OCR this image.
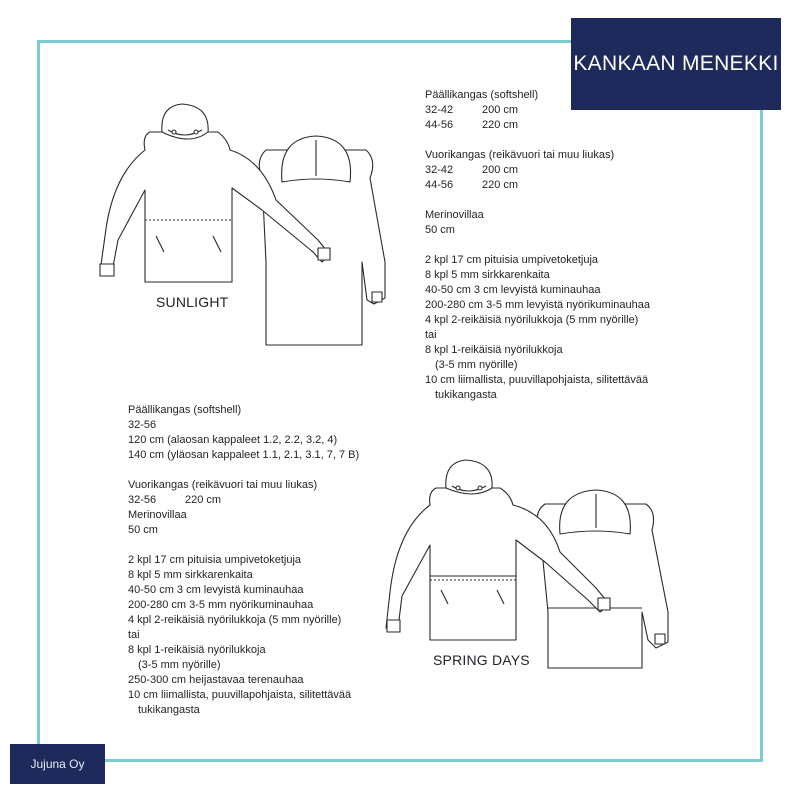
KANKAAN MENEKKI
SUNLIGHT
SPRING DAYS
Päällikangas (softshell)
32-42	200 cm
44-56	220 cm
Vuorikangas (reikävuori tai muu liukas)
32-42	200 cm
44-56	220 cm
Merinovillaa
50 cm
2 kpl 17 cm pituisia umpivetoketjuja
8 kpl 5 mm sirkkarenkaita
40-50 cm 3 cm levyistä kuminauhaa
200-280 cm 3-5 mm levyistä nyörikuminauhaa
4 kpl 2-reikäisiä nyörilukkoja (5 mm nyörille)
tai
8 kpl 1-reikäisiä nyörilukkoja
(3-5 mm nyörille)
10 cm liimallista, puuvillapohjaista, silitettävää
tukikangasta
Päällikangas (softshell)
32-56
120 cm (alaosan kappaleet 1.2, 2.2, 3.2, 4)
140 cm (yläosan kappaleet 1.1, 2.1, 3.1, 7, 7 B)
Vuorikangas (reikävuori tai muu liukas)
32-56	220 cm
Merinovillaa
50 cm
2 kpl 17 cm pituisia umpivetoketjuja
8 kpl 5 mm sirkkarenkaita
40-50 cm 3 cm levyistä kuminauhaa
200-280 cm 3-5 mm nyörikuminauhaa
4 kpl 2-reikäisiä nyörilukkoja (5 mm nyörille)
tai
8 kpl 1-reikäisiä nyörilukkoja
(3-5 mm nyörille)
250-300 cm heijastavaa terenauhaa
10 cm liimallista, puuvillapohjaista, silitettävää
tukikangasta
Jujuna Oy
